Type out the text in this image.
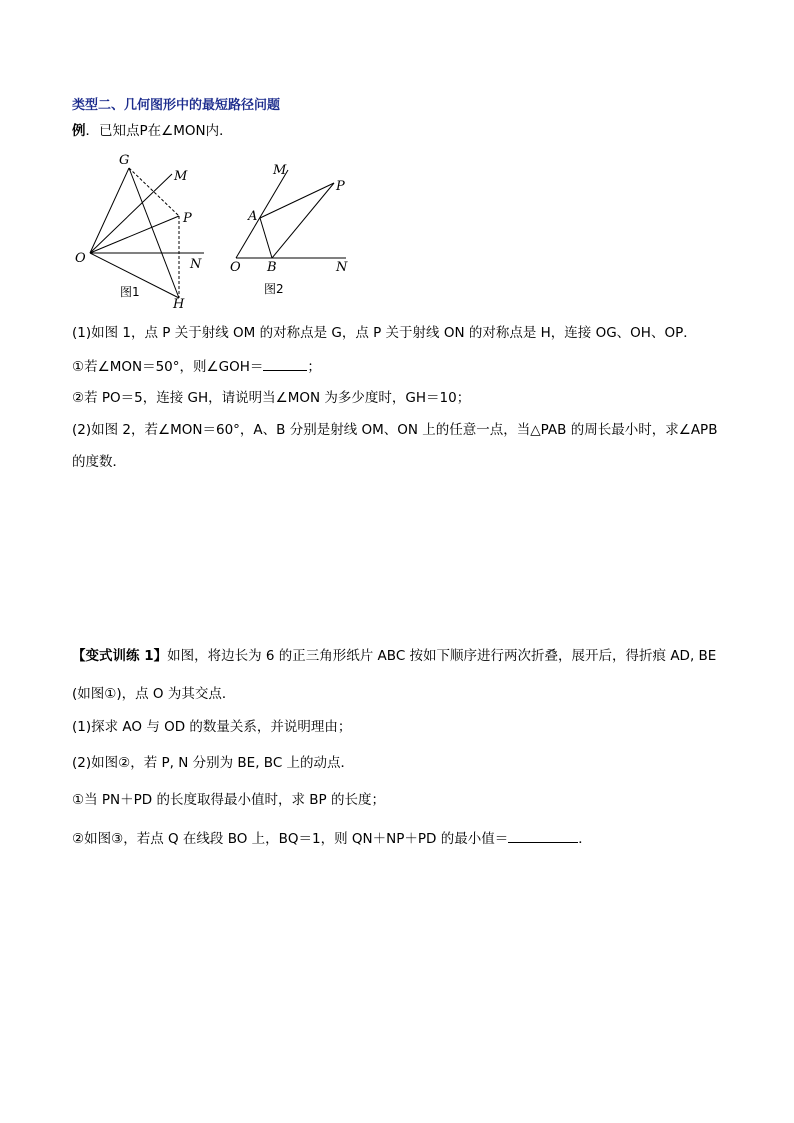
类型二、几何图形中的最短路径问题
例．已知点P在∠MON内．
G
M
P
O	N
H
图1
M
P
A
O B	N
图2
(1)如图 1，点 P 关于射线 OM 的对称点是 G，点 P 关于射线 ON 的对称点是 H，连接 OG、OH、OP．
①若∠MON＝50°，则∠GOH＝	；
②若 PO＝5，连接 GH，请说明当∠MON 为多少度时，GH＝10；
(2)如图 2，若∠MON＝60°，A、B 分别是射线 OM、ON 上的任意一点，当△PAB 的周长最小时，求∠APB
的度数．
【变式训练 1】如图，将边长为 6 的正三角形纸片 ABC 按如下顺序进行两次折叠，展开后，得折痕 AD, BE
(如图①)，点 O 为其交点．
(1)探求 AO 与 OD 的数量关系，并说明理由；
(2)如图②，若 P, N 分别为 BE, BC 上的动点．
①当 PN＋PD 的长度取得最小值时，求 BP 的长度；
②如图③，若点 Q 在线段 BO 上，BQ＝1，则 QN＋NP＋PD 的最小值＝	．
